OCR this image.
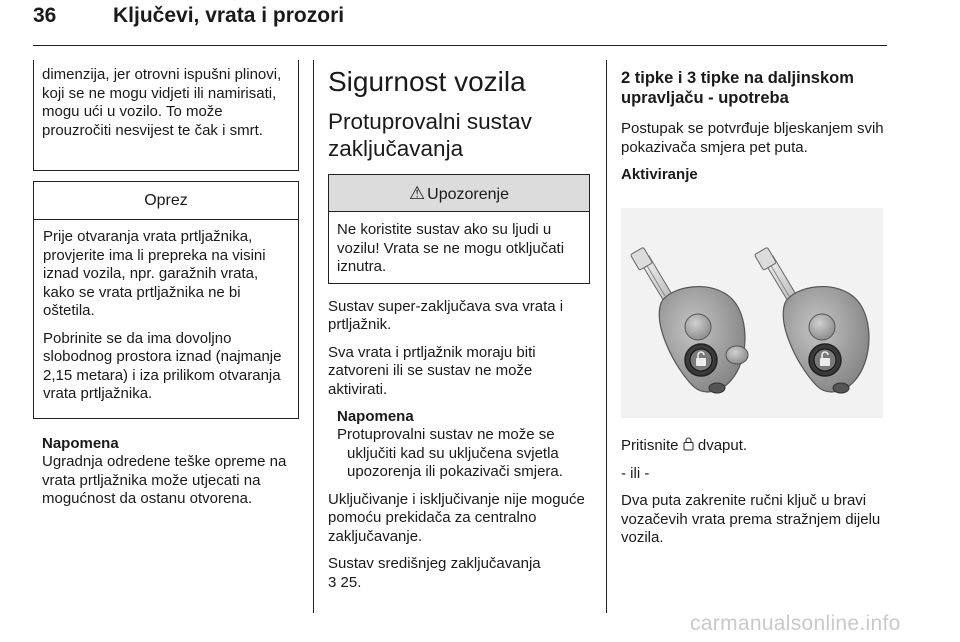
36	Ključevi, vrata i prozori

dimenzija, jer otrovni ispušni plinovi, koji se ne mogu vidjeti ili namirisati, mogu ući u vozilo. To može prouzročiti nesvijest te čak i smrt.

Oprez

Prije otvaranja vrata prtljažnika, provjerite ima li prepreka na visini iznad vozila, npr. garažnih vrata, kako se vrata prtljažnika ne bi oštetila.

Pobrinite se da ima dovoljno slobodnog prostora iznad (najmanje 2,15 metara) i iza prilikom otvaranja vrata prtljažnika.

Napomena

Ugradnja odredene teške opreme na vrata prtljažnika može utjecati na mogućnost da ostanu otvorena.

Sigurnost vozila
Protuprovalni sustav zaključavanja
⚠ Upozorenje

Ne koristite sustav ako su ljudi u vozilu! Vrata se ne mogu otključati iznutra.

Sustav super-zaključava sva vrata i prtljažnik.

Sva vrata i prtljažnik moraju biti zatvoreni ili se sustav ne može aktivirati.

Napomena

Protuprovalni sustav ne može se uključiti kad su uključena svjetla upozorenja ili pokazivači smjera.

Uključivanje i isključivanje nije moguće pomoću prekidača za centralno zaključavanje.

Sustav središnjeg zaključavanja
3 25.

2 tipke i 3 tipke na daljinskom upravljaču - upotreba

Postupak se potvrđuje bljeskanjem svih pokazivača smjera pet puta.

Aktiviranje

Pritisnite dvaput.

- ili -

Dva puta zakrenite ručni ključ u bravi vozačevih vrata prema stražnjem dijelu vozila.

carmanualsonline.info
